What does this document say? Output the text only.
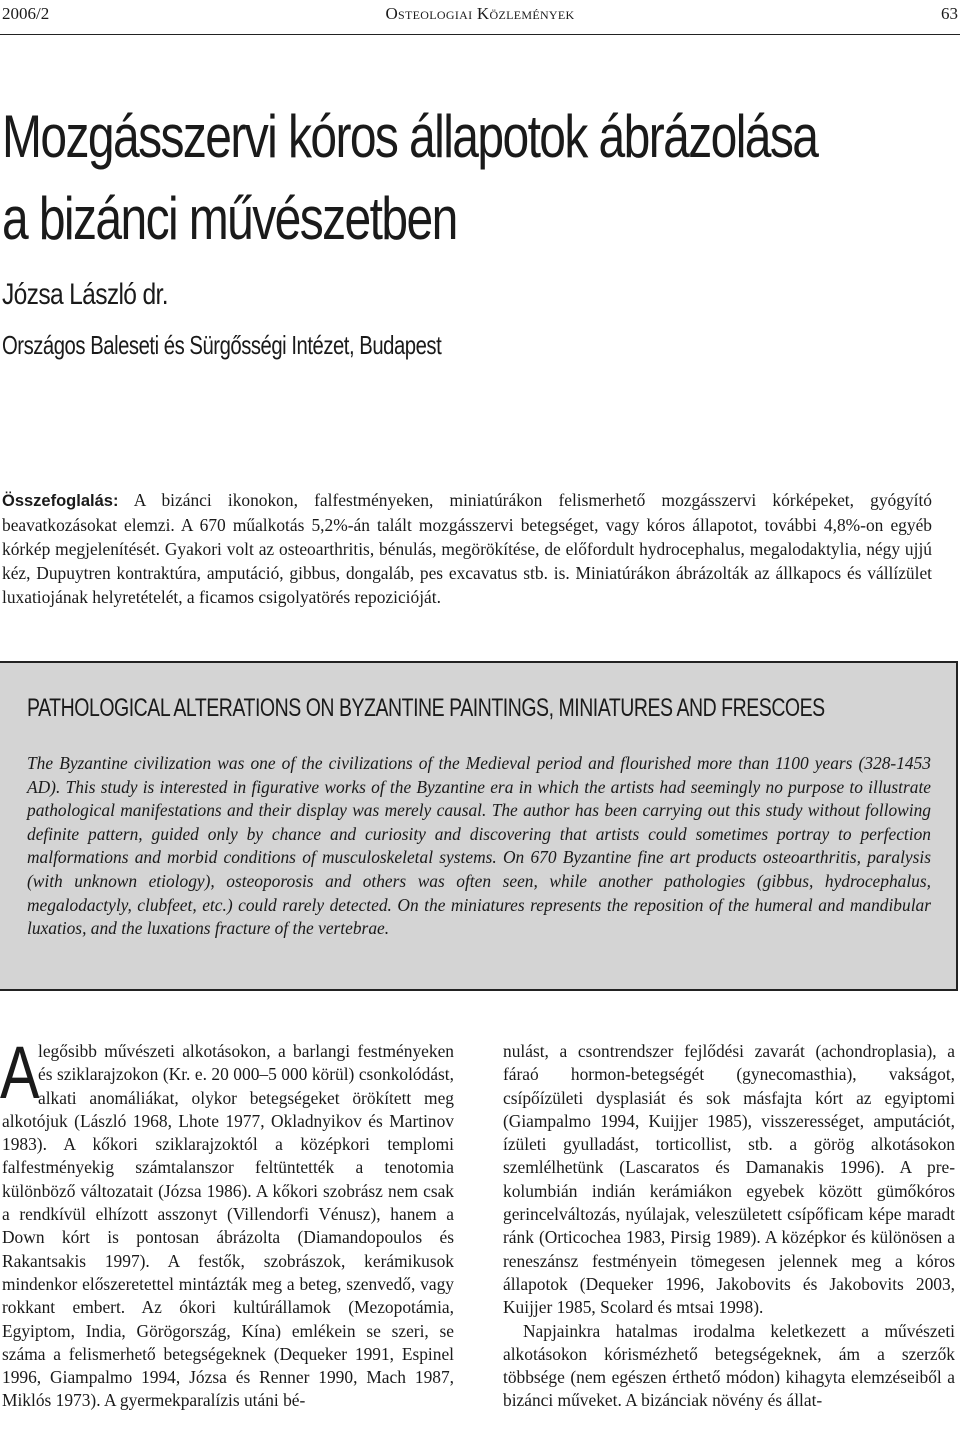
2006/2	Osteologiai Közlemények	63
Mozgásszervi kóros állapotok ábrázolása
a bizánci művészetben

Józsa László dr.

Országos Baleseti és Sürgősségi Intézet, Budapest

Összefoglalás: A bizánci ikonokon, falfestményeken, miniatúrákon felismerhető mozgásszervi kórképeket, gyógyító beavatkozásokat elemzi. A 670 műalkotás 5,2%-án talált mozgásszervi betegséget, vagy kóros állapotot, további 4,8%-on egyéb kórkép megjelenítését. Gyakori volt az osteoarthritis, bénulás, megörökítése, de előfordult hydrocephalus, megalodaktylia, négy ujjú kéz, Dupuytren kontraktúra, amputáció, gibbus, dongaláb, pes excavatus stb. is. Miniatúrákon ábrázolták az állkapocs és vállízület luxatiojának helyretételét, a ficamos csigolyatörés repozicióját.
PATHOLOGICAL ALTERATIONS ON BYZANTINE PAINTINGS, MINIATURES AND FRESCOES

The Byzantine civilization was one of the civilizations of the Medieval period and flourished more than 1100 years (328-1453 AD). This study is interested in figurative works of the Byzantine era in which the artists had seemingly no purpose to illustrate pathological manifestations and their display was merely causal. The author has been carrying out this study without following definite pattern, guided only by chance and curiosity and discovering that artists could sometimes portray to perfection malformations and morbid conditions of musculoskeletal systems. On 670 Byzantine fine art products osteoarthritis, paralysis (with unknown etiology), osteoporosis and others was often seen, while another pathologies (gibbus, hydrocephalus, megalodactyly, clubfeet, etc.) could rarely detected. On the miniatures represents the reposition of the humeral and mandibular luxatios, and the luxations fracture of the vertebrae.

A
legősibb művészeti alkotásokon, a barlangi festményeken és sziklarajzokon (Kr. e. 20 000–5 000 körül) csonkolódást, alkati anomáliákat, olykor betegségeket örökített meg alkotójuk (László 1968, Lhote 1977, Okladnyikov és Martinov 1983). A kőkori sziklarajzoktól a középkori templomi falfestményekig számtalanszor feltüntették a tenotomia különböző változatait (Józsa 1986). A kőkori szobrász nem csak a rendkívül elhízott asszonyt (Villendorfi Vénusz), hanem a Down kórt is pontosan ábrázolta (Diamandopoulos és Rakantsakis 1997). A festők, szobrászok, kerámikusok mindenkor előszeretettel mintázták meg a beteg, szenvedő, vagy rokkant embert. Az ókori kultúrállamok (Mezopotámia, Egyiptom, India, Görögország, Kína) emlékein se szeri, se száma a felismerhető betegségeknek (Dequeker 1991, Espinel 1996, Giampalmo 1994, Józsa és Renner 1990, Mach 1987, Miklós 1973). A gyermekparalízis utáni bé-

nulást, a csontrendszer fejlődési zavarát (achondroplasia), a fáraó hormon-betegségét (gynecomasthia), vakságot, csípőízületi dysplasiát és sok másfajta kórt az egyiptomi (Giampalmo 1994, Kuijjer 1985), visszerességet, amputációt, ízületi gyulladást, torticollist, stb. a görög alkotásokon szemlélhetünk (Lascaratos és Damanakis 1996). A pre-kolumbián indián kerámiákon egyebek között gümőkóros gerincelváltozás, nyúlajak, veleszületett csípőficam képe maradt ránk (Orticochea 1983, Pirsig 1989). A középkor és különösen a reneszánsz festményein tömegesen jelennek meg a kóros állapotok (Dequeker 1996, Jakobovits és Jakobovits 2003, Kuijjer 1985, Scolard és mtsai 1998).

Napjainkra hatalmas irodalma keletkezett a művészeti alkotásokon kórismézhető betegségeknek, ám a szerzők többsége (nem egészen érthető módon) kihagyta elemzéseiből a bizánci műveket. A bizánciak növény és állat-
